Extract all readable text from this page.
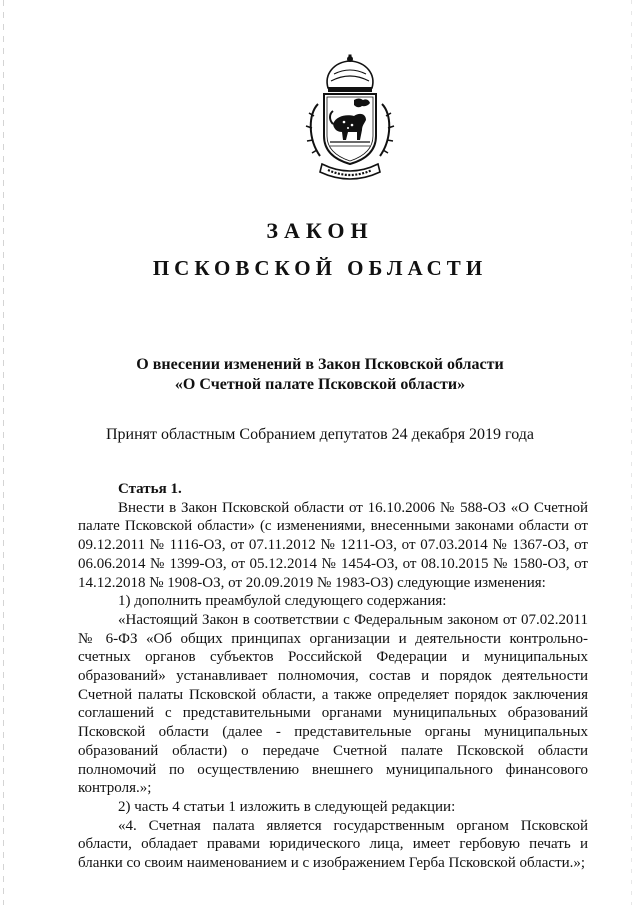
ЗАКОН
ПСКОВСКОЙ ОБЛАСТИ
О внесении изменений в Закон Псковской области
«О Счетной палате Псковской области»
Принят областным Собранием депутатов 24 декабря 2019 года
Статья 1.

Внести в Закон Псковской области от 16.10.2006 № 588-ОЗ «О Счетной палате Псковской области» (с изменениями, внесенными законами области от 09.12.2011 № 1116-ОЗ, от 07.11.2012 № 1211-ОЗ, от 07.03.2014 № 1367-ОЗ, от 06.06.2014 № 1399-ОЗ, от 05.12.2014 № 1454-ОЗ, от 08.10.2015 № 1580-ОЗ, от 14.12.2018 № 1908-ОЗ, от 20.09.2019 № 1983-ОЗ) следующие изменения:

1) дополнить преамбулой следующего содержания:

«Настоящий Закон в соответствии с Федеральным законом от 07.02.2011 № 6-ФЗ «Об общих принципах организации и деятельности контрольно-счетных органов субъектов Российской Федерации и муниципальных образований» устанавливает полномочия, состав и порядок деятельности Счетной палаты Псковской области, а также определяет порядок заключения соглашений с представительными органами муниципальных образований Псковской области (далее - представительные органы муниципальных образований области) о передаче Счетной палате Псковской области полномочий по осуществлению внешнего муниципального финансового контроля.»;

2) часть 4 статьи 1 изложить в следующей редакции:

«4. Счетная палата является государственным органом Псковской области, обладает правами юридического лица, имеет гербовую печать и бланки со своим наименованием и с изображением Герба Псковской области.»;
